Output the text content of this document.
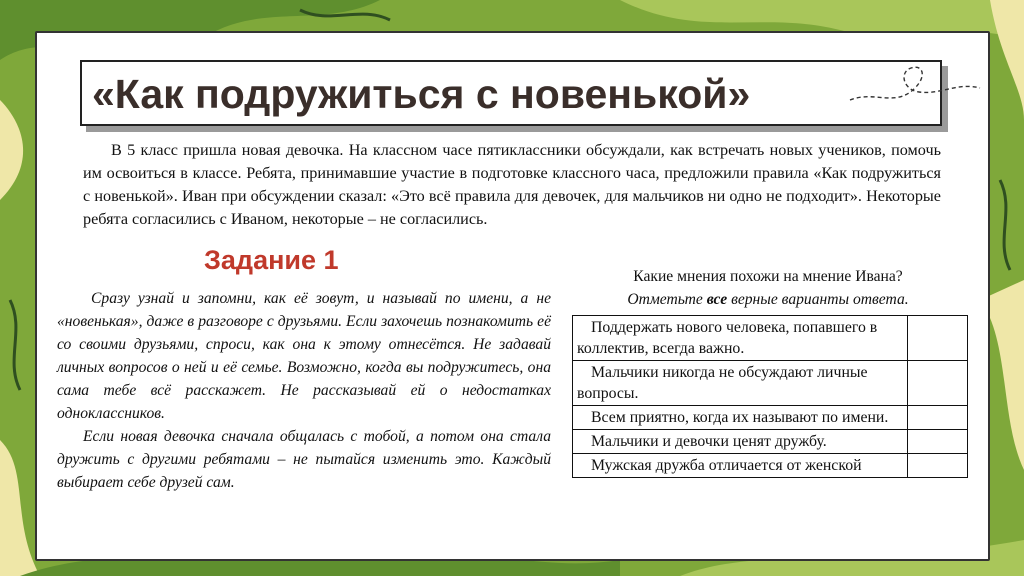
«Как подружиться с новенькой»

В 5 класс пришла новая девочка. На классном часе пятиклассники обсуждали, как встречать новых учеников, помочь им освоиться в классе. Ребята, принимавшие участие в подготовке классного часа, предложили правила «Как подружиться с новенькой». Иван при обсуждении сказал: «Это всё правила для девочек, для мальчиков ни одно не подходит». Некоторые ребята согласились с Иваном, некоторые – не согласились.

Задание 1

Сразу узнай и запомни, как её зовут, и называй по имени, а не «новенькая», даже в разговоре с друзьями. Если захочешь познакомить её со своими друзьями, спроси, как она к этому отнесётся. Не задавай личных вопросов о ней и её семье. Возможно, когда вы подружитесь, она сама тебе всё расскажет. Не рассказывай ей о недостатках одноклассников.

Если новая девочка сначала общалась с тобой, а потом она стала дружить с другими ребятами – не пытайся изменить это. Каждый выбирает себе друзей сам.

Какие мнения похожи на мнение Ивана?
Отметьте все верные варианты ответа.
Поддержать нового человека, попавшего в коллектив, всегда важно.	
Мальчики никогда не обсуждают личные вопросы.	
Всем приятно, когда их называют по имени.	
Мальчики и девочки ценят дружбу.	
Мужская дружба отличается от женской	
